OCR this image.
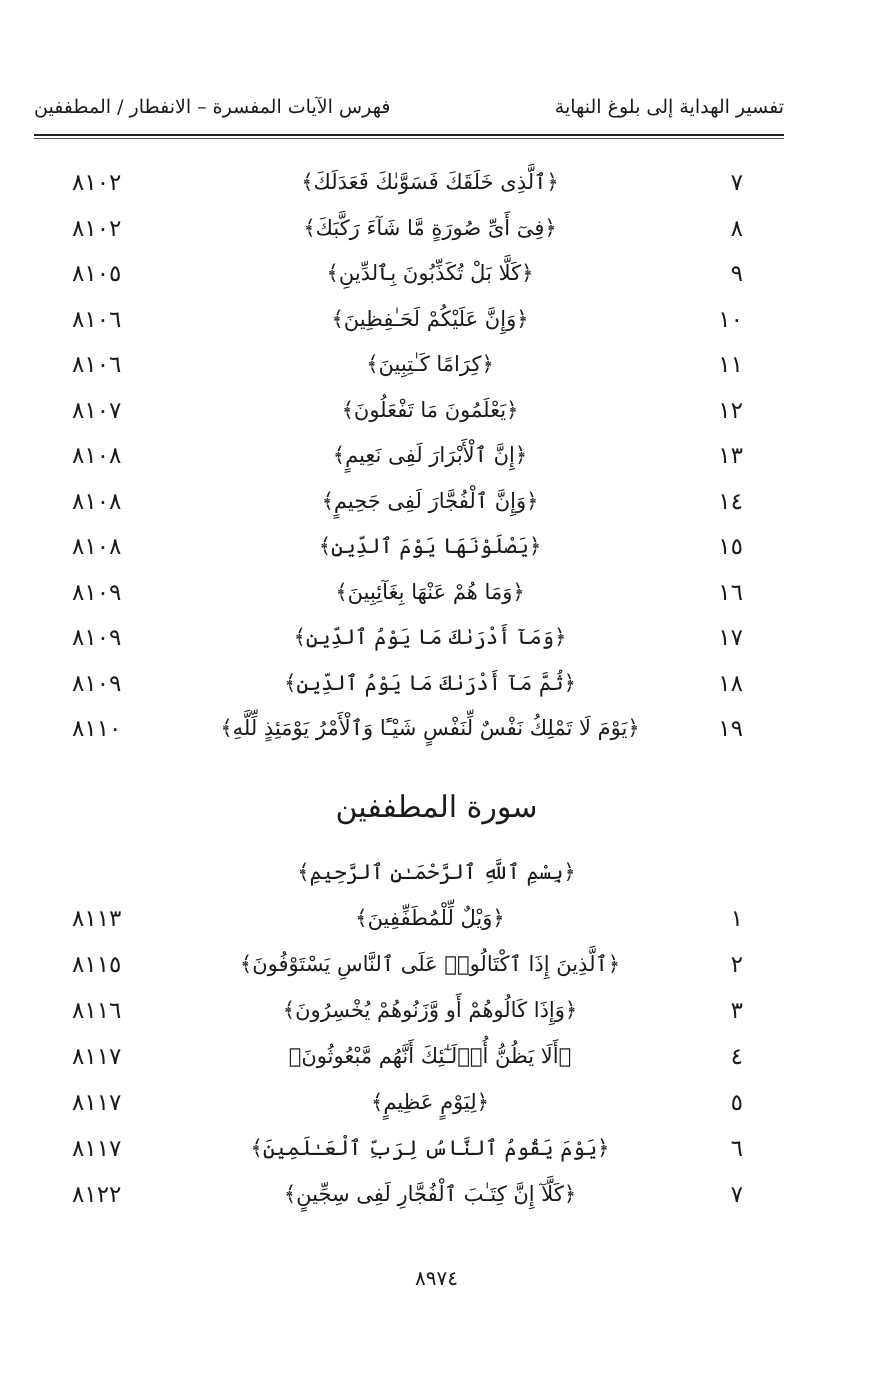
تفسير الهداية إلى بلوغ النهاية
فهرس الآيات المفسرة – الانفطار / المطففين
٧
﴿ٱلَّذِى خَلَقَكَ فَسَوَّىٰكَ فَعَدَلَكَ﴾
٨١٠٢
٨
﴿فِىٓ أَىِّ صُورَةٍ مَّا شَآءَ رَكَّبَكَ﴾
٨١٠٢
٩
﴿كَلَّا بَلْ تُكَذِّبُونَ بِٱلدِّينِ﴾
٨١٠٥
١٠
﴿وَإِنَّ عَلَيْكُمْ لَحَـٰفِظِينَ﴾
٨١٠٦
١١
﴿كِرَامًا كَـٰتِبِينَ﴾
٨١٠٦
١٢
﴿يَعْلَمُونَ مَا تَفْعَلُونَ﴾
٨١٠٧
١٣
﴿إِنَّ ٱلْأَبْرَارَ لَفِى نَعِيمٍ﴾
٨١٠٨
١٤
﴿وَإِنَّ ٱلْفُجَّارَ لَفِى جَحِيمٍ﴾
٨١٠٨
١٥
﴿يَصْلَوْنَهَا يَوْمَ ٱلدِّينِ﴾
٨١٠٨
١٦
﴿وَمَا هُمْ عَنْهَا بِغَآئِبِينَ﴾
٨١٠٩
١٧
﴿وَمَآ أَدْرَىٰكَ مَا يَوْمُ ٱلدِّينِ﴾
٨١٠٩
١٨
﴿ثُمَّ مَآ أَدْرَىٰكَ مَا يَوْمُ ٱلدِّينِ﴾
٨١٠٩
١٩
﴿يَوْمَ لَا تَمْلِكُ نَفْسٌ لِّنَفْسٍ شَيْـًٔا وَٱلْأَمْرُ يَوْمَئِذٍ لِّلَّهِ﴾
٨١١٠
سورة المطففين
﴿بِسْمِ ٱللَّهِ ٱلرَّحْمَـٰنِ ٱلرَّحِيمِ﴾
١
﴿وَيْلٌ لِّلْمُطَفِّفِينَ﴾
٨١١٣
٢
﴿ٱلَّذِينَ إِذَا ٱكْتَالُوا۟ عَلَى ٱلنَّاسِ يَسْتَوْفُونَ﴾
٨١١٥
٣
﴿وَإِذَا كَالُوهُمْ أَو وَّزَنُوهُمْ يُخْسِرُونَ﴾
٨١١٦
٤
﴿أَلَا يَظُنُّ أُو۟لَـٰٓئِكَ أَنَّهُم مَّبْعُوثُونَ﴾
٨١١٧
٥
﴿لِيَوْمٍ عَظِيمٍ﴾
٨١١٧
٦
﴿يَوْمَ يَقُومُ ٱلنَّاسُ لِرَبِّ ٱلْعَـٰلَمِينَ﴾
٨١١٧
٧
﴿كَلَّآ إِنَّ كِتَـٰبَ ٱلْفُجَّارِ لَفِى سِجِّينٍ﴾
٨١٢٢
٨٩٧٤
